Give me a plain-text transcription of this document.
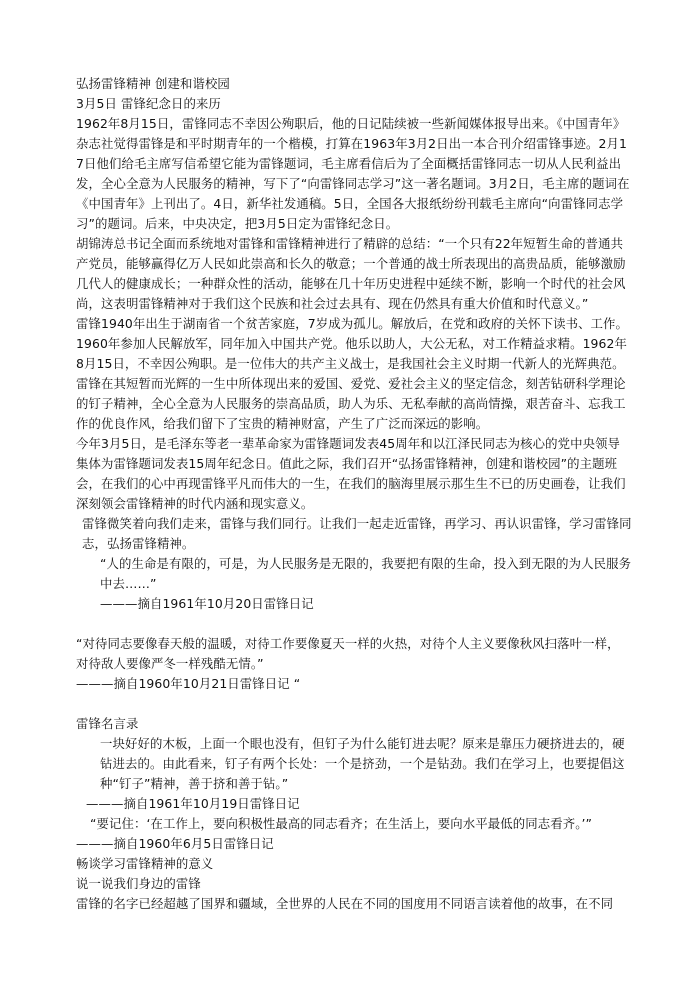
弘扬雷锋精神 创建和谐校园

3月5日 雷锋纪念日的来历

1962年8月15日，雷锋同志不幸因公殉职后，他的日记陆续被一些新闻媒体报导出来。《中国青年》杂志社觉得雷锋是和平时期青年的一个楷模，打算在1963年3月2日出一本合刊介绍雷锋事迹。2月17日他们给毛主席写信希望它能为雷锋题词，毛主席看信后为了全面概括雷锋同志一切从人民利益出发，全心全意为人民服务的精神，写下了“向雷锋同志学习”这一著名题词。3月2日，毛主席的题词在《中国青年》上刊出了。4日，新华社发通稿。5日，全国各大报纸纷纷刊载毛主席向“向雷锋同志学习”的题词。后来，中央决定，把3月5日定为雷锋纪念日。

胡锦涛总书记全面而系统地对雷锋和雷锋精神进行了精辟的总结：“一个只有22年短暂生命的普通共产党员，能够赢得亿万人民如此崇高和长久的敬意；一个普通的战士所表现出的高贵品质，能够激励几代人的健康成长；一种群众性的活动，能够在几十年历史进程中延续不断，影响一个时代的社会风尚，这表明雷锋精神对于我们这个民族和社会过去具有、现在仍然具有重大价值和时代意义。”

雷锋1940年出生于湖南省一个贫苦家庭，7岁成为孤儿。解放后，在党和政府的关怀下读书、工作。1960年参加人民解放军，同年加入中国共产党。他乐以助人，大公无私，对工作精益求精。1962年8月15日，不幸因公殉职。是一位伟大的共产主义战士，是我国社会主义时期一代新人的光辉典范。雷锋在其短暂而光辉的一生中所体现出来的爱国、爱党、爱社会主义的坚定信念，刻苦钻研科学理论的钉子精神，全心全意为人民服务的崇高品质，助人为乐、无私奉献的高尚情操，艰苦奋斗、忘我工作的优良作风，给我们留下了宝贵的精神财富，产生了广泛而深远的影响。

今年3月5日，是毛泽东等老一辈革命家为雷锋题词发表45周年和以江泽民同志为核心的党中央领导集体为雷锋题词发表15周年纪念日。值此之际，我们召开“弘扬雷锋精神，创建和谐校园”的主题班会，在我们的心中再现雷锋平凡而伟大的一生，在我们的脑海里展示那生生不已的历史画卷，让我们深刻领会雷锋精神的时代内涵和现实意义。

雷锋微笑着向我们走来，雷锋与我们同行。让我们一起走近雷锋，再学习、再认识雷锋，学习雷锋同志，弘扬雷锋精神。

“人的生命是有限的，可是，为人民服务是无限的，我要把有限的生命，投入到无限的为人民服务中去……”

———摘自1961年10月20日雷锋日记

“对待同志要像春天般的温暖，对待工作要像夏天一样的火热，对待个人主义要像秋风扫落叶一样，对待敌人要像严冬一样残酷无情。”

———摘自1960年10月21日雷锋日记 “

雷锋名言录

一块好好的木板，上面一个眼也没有，但钉子为什么能钉进去呢？原来是靠压力硬挤进去的，硬钻进去的。由此看来，钉子有两个长处：一个是挤劲，一个是钻劲。我们在学习上，也要提倡这种“钉子”精神，善于挤和善于钻。”

———摘自1961年10月19日雷锋日记

“要记住：‘在工作上，要向积极性最高的同志看齐；在生活上，要向水平最低的同志看齐。’”

———摘自1960年6月5日雷锋日记

畅谈学习雷锋精神的意义

说一说我们身边的雷锋

雷锋的名字已经超越了国界和疆域，全世界的人民在不同的国度用不同语言读着他的故事，在不同
